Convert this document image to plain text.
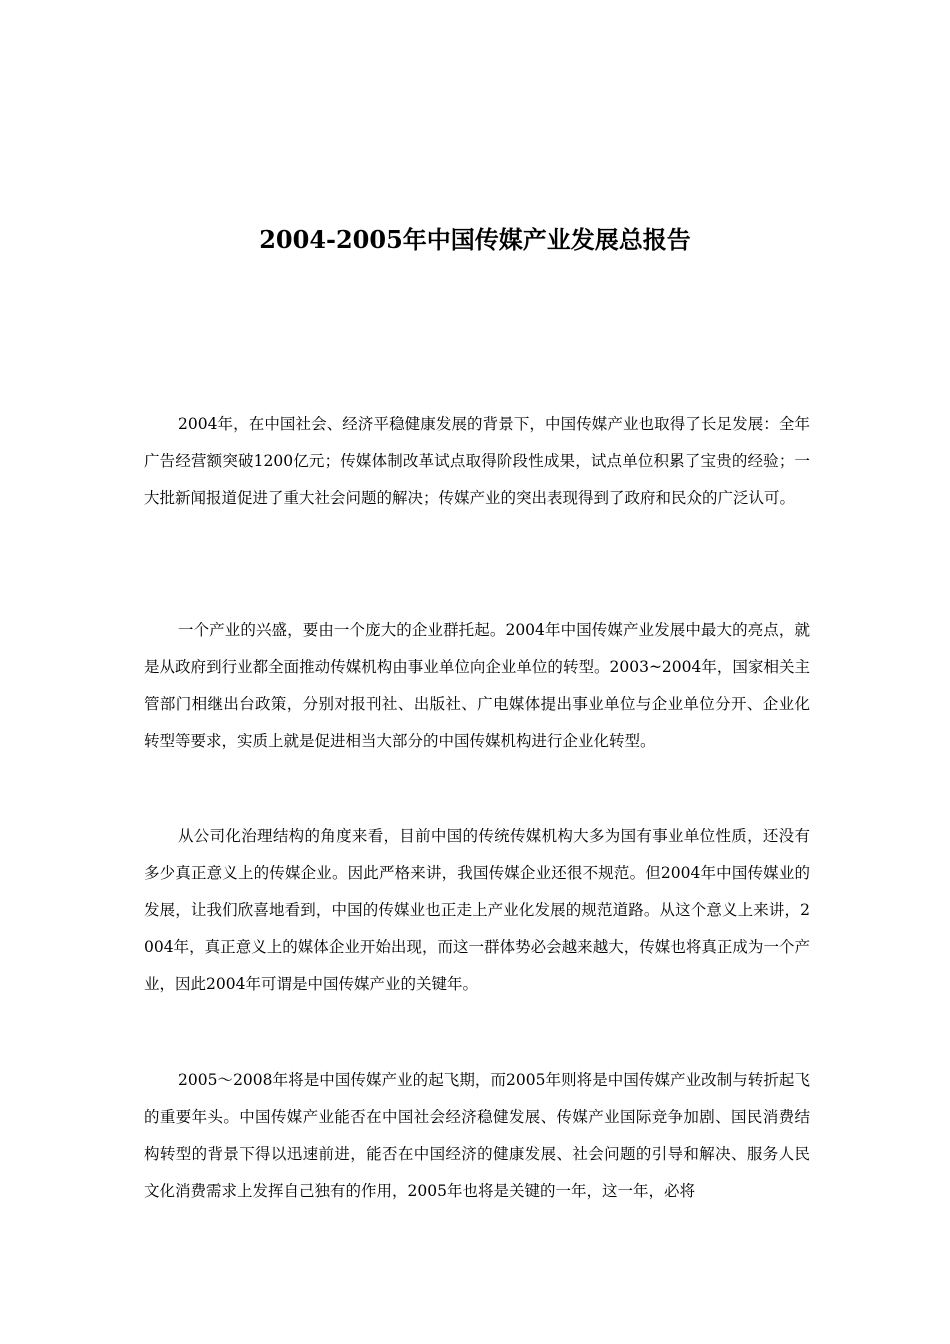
2004-2005年中国传媒产业发展总报告

2004年，在中国社会、经济平稳健康发展的背景下，中国传媒产业也取得了长足发展：全年广告经营额突破1200亿元；传媒体制改革试点取得阶段性成果，试点单位积累了宝贵的经验；一大批新闻报道促进了重大社会问题的解决；传媒产业的突出表现得到了政府和民众的广泛认可。

一个产业的兴盛，要由一个庞大的企业群托起。2004年中国传媒产业发展中最大的亮点，就是从政府到行业都全面推动传媒机构由事业单位向企业单位的转型。2003~2004年，国家相关主管部门相继出台政策，分别对报刊社、出版社、广电媒体提出事业单位与企业单位分开、企业化转型等要求，实质上就是促进相当大部分的中国传媒机构进行企业化转型。

从公司化治理结构的角度来看，目前中国的传统传媒机构大多为国有事业单位性质，还没有多少真正意义上的传媒企业。因此严格来讲，我国传媒企业还很不规范。但2004年中国传媒业的发展，让我们欣喜地看到，中国的传媒业也正走上产业化发展的规范道路。从这个意义上来讲，2004年，真正意义上的媒体企业开始出现，而这一群体势必会越来越大，传媒也将真正成为一个产业，因此2004年可谓是中国传媒产业的关键年。

2005～2008年将是中国传媒产业的起飞期，而2005年则将是中国传媒产业改制与转折起飞的重要年头。中国传媒产业能否在中国社会经济稳健发展、传媒产业国际竞争加剧、国民消费结构转型的背景下得以迅速前进，能否在中国经济的健康发展、社会问题的引导和解决、服务人民文化消费需求上发挥自己独有的作用，2005年也将是关键的一年，这一年，必将
